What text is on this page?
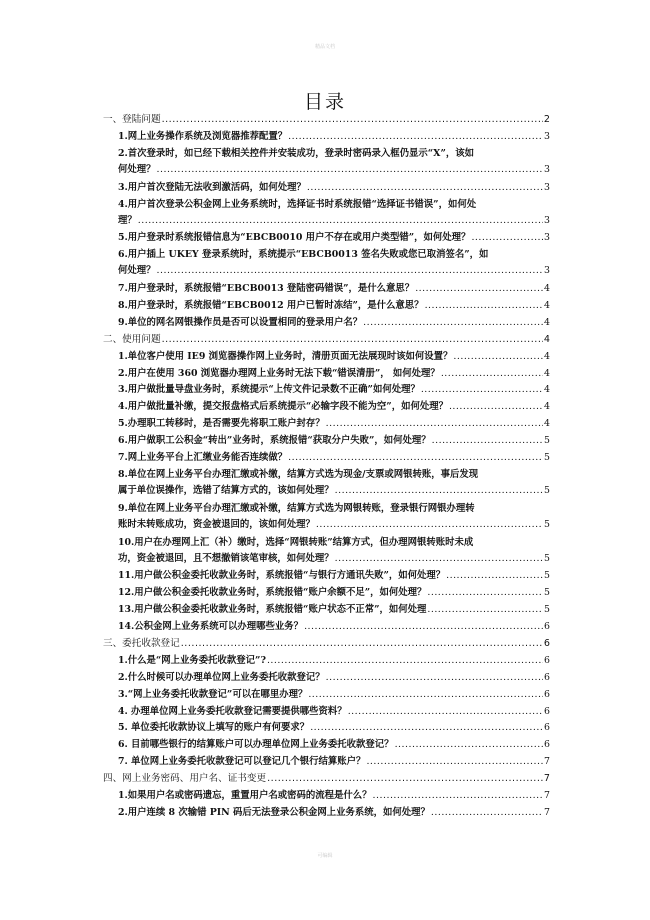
精品文档
目录
一、登陆问题 .....	2
1.网上业务操作系统及浏览器推荐配置？ .....	3
2.首次登录时，如已经下载相关控件并安装成功，登录时密码录入框仍显示“X”，该如
何处理？ .....	3
3.用户首次登陆无法收到激活码，如何处理？ .....	3
4.用户首次登录公积金网上业务系统时，选择证书时系统报错“选择证书错误”，如何处
理？ .....	3
5.用户登录时系统报错信息为“EBCB0010 用户不存在或用户类型错”，如何处理？ .....	3
6.用户插上 UKEY 登录系统时，系统提示“EBCB0013 签名失败或您已取消签名”，如
何处理？ .....	3
7.用户登录时，系统报错“EBCB0013 登陆密码错误”，是什么意思？ .....	4
8.用户登录时，系统报错“EBCB0012 用户已暂时冻结”，是什么意思？ .....	4
9.单位的网名网银操作员是否可以设置相同的登录用户名？ .....	4
二、使用问题 .....	4
1.单位客户使用 IE9 浏览器操作网上业务时，清册页面无法展现时该如何设置？ .....	4
2.用户在使用 360 浏览器办理网上业务时无法下载“错误清册”， 如何处理？ .....	4
3.用户做批量导盘业务时，系统提示“上传文件记录数不正确”如何处理？ .....	4
4.用户做批量补缴，提交报盘格式后系统提示“必输字段不能为空”，如何处理？ .....	4
5.办理职工转移时，是否需要先将职工账户封存？ .....	4
6.用户做职工公积金“转出”业务时，系统报错“获取分户失败”，如何处理？ .....	5
7.网上业务平台上汇缴业务能否连续做？ .....	5
8.单位在网上业务平台办理汇缴或补缴，结算方式选为现金/支票或网银转账，事后发现
属于单位误操作，选错了结算方式的，该如何处理？ .....	5
9.单位在网上业务平台办理汇缴或补缴，结算方式选为网银转账，登录银行网银办理转
账时未转账成功，资金被退回的，该如何处理？ .....	5
10.用户在办理网上汇（补）缴时，选择“网银转账”结算方式，但办理网银转账时未成
功，资金被退回，且不想撤销该笔审核，如何处理？ .....	5
11.用户做公积金委托收款业务时，系统报错“与银行方通讯失败”，如何处理？ .....	5
12.用户做公积金委托收款业务时，系统报错“账户余额不足”，如何处理？ .....	5
13.用户做公积金委托收款业务时，系统报错“账户状态不正常”，如何处理 .....	5
14.公积金网上业务系统可以办理哪些业务？ .....	6
三、委托收款登记 .....	6
1.什么是“网上业务委托收款登记”? .....	6
2.什么时候可以办理单位网上业务委托收款登记？ .....	6
3.“网上业务委托收款登记”可以在哪里办理？ .....	6
4. 办理单位网上业务委托收款登记需要提供哪些资料？ .....	6
5. 单位委托收款协议上填写的账户有何要求？ .....	6
6. 目前哪些银行的结算账户可以办理单位网上业务委托收款登记？ .....	6
7. 单位网上业务委托收款登记可以登记几个银行结算账户？ .....	7
四、网上业务密码、用户名、证书变更 .....	7
1.如果用户名或密码遗忘，重置用户名或密码的流程是什么？ .....	7
2.用户连续 8 次输错 PIN 码后无法登录公积金网上业务系统，如何处理？ .....	7
可编辑
